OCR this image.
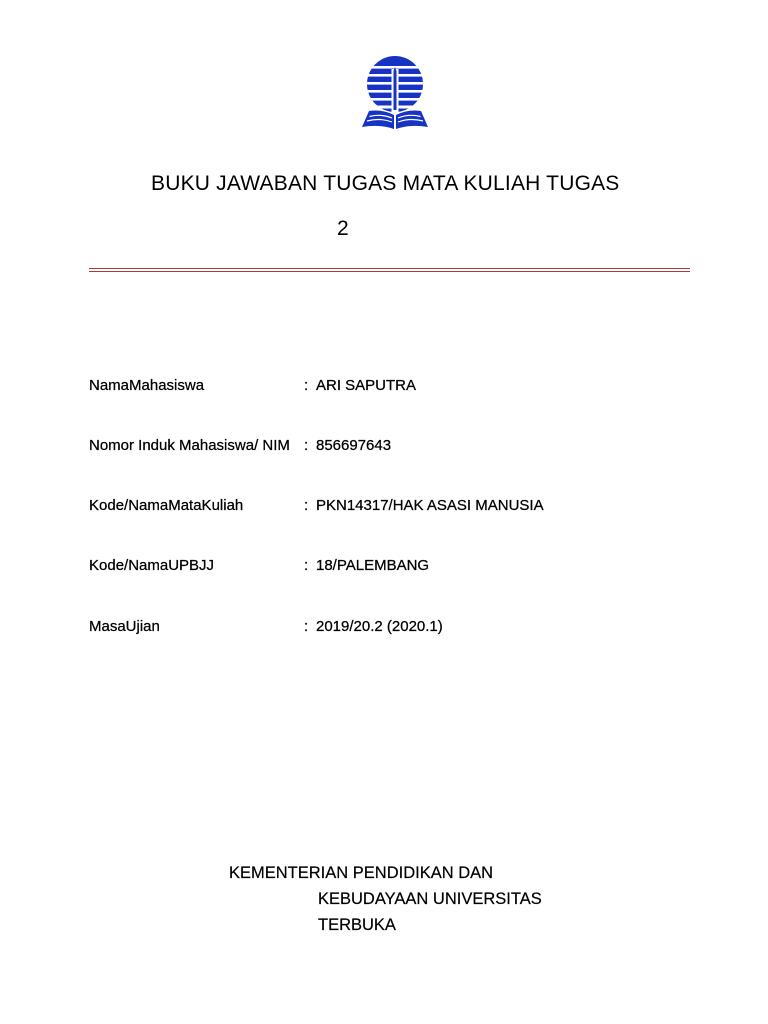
BUKU JAWABAN TUGAS MATA KULIAH TUGAS
2
NamaMahasiswa	: ARI SAPUTRA
Nomor Induk Mahasiswa/ NIM : 856697643
Kode/NamaMataKuliah	: PKN14317/HAK ASASI MANUSIA
Kode/NamaUPBJJ	: 18/PALEMBANG
MasaUjian	: 2019/20.2 (2020.1)
KEMENTERIAN PENDIDIKAN DAN
KEBUDAYAAN UNIVERSITAS
TERBUKA
